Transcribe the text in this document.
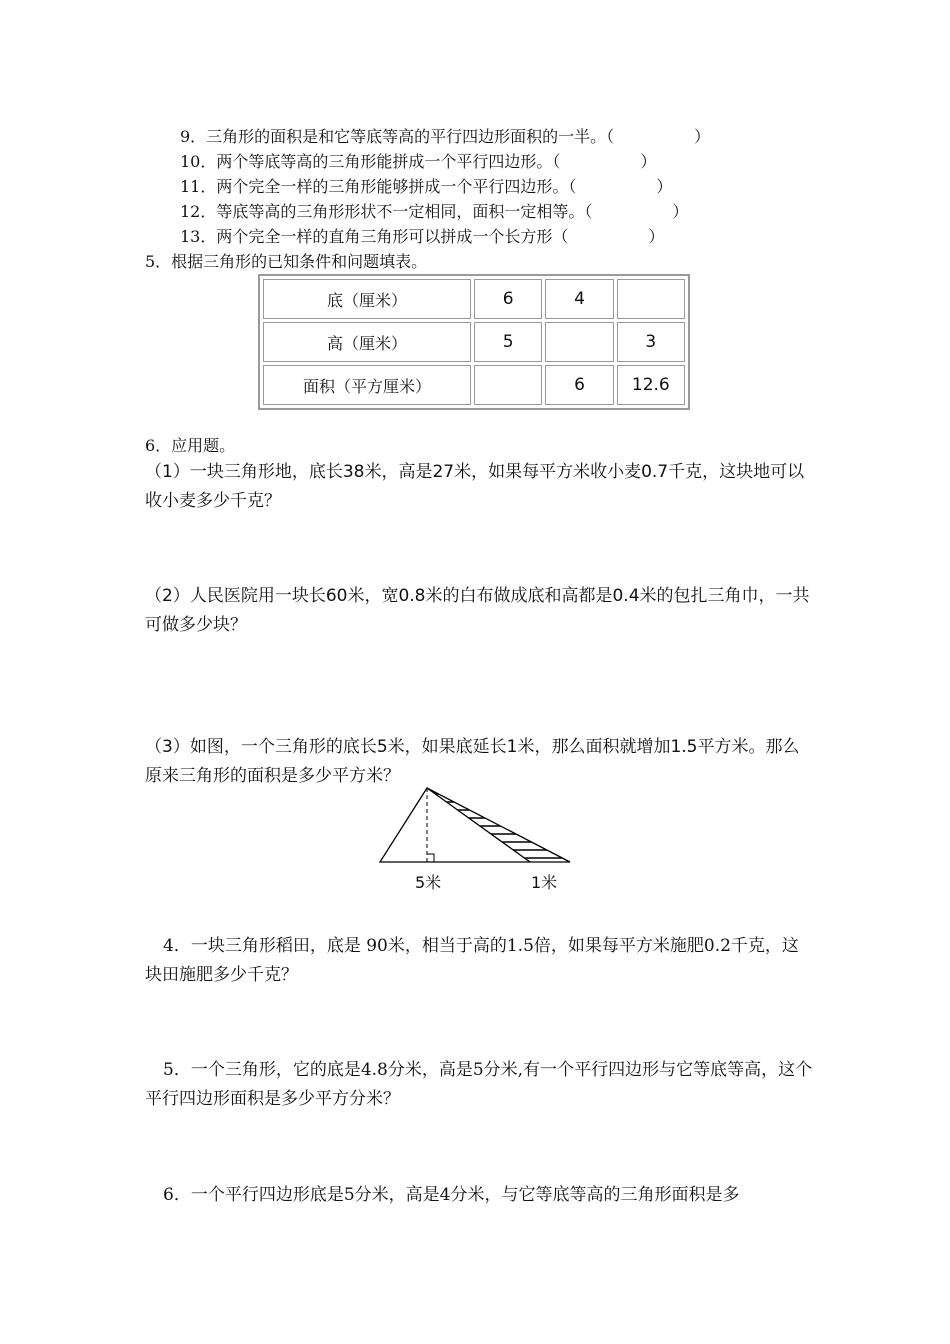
9．三角形的面积是和它等底等高的平行四边形面积的一半。（　　　　　）
10．两个等底等高的三角形能拼成一个平行四边形。（　　　　　）
11．两个完全一样的三角形能够拼成一个平行四边形。（　　　　　）
12．等底等高的三角形形状不一定相同，面积一定相等。（　　　　　）
13．两个完全一样的直角三角形可以拼成一个长方形（　　　　　）
5．根据三角形的已知条件和问题填表。
底（厘米）	6	4	
高（厘米）	5		3
面积（平方厘米）		6	12.6
6．应用题。
（1）一块三角形地，底长38米，高是27米，如果每平方米收小麦0.7千克，这块地可以收小麦多少千克？
（2）人民医院用一块长60米，宽0.8米的白布做成底和高都是0.4米的包扎三角巾，一共可做多少块？
（3）如图，一个三角形的底长5米，如果底延长1米，那么面积就增加1.5平方米。那么原来三角形的面积是多少平方米？
5米	1米
4．一块三角形稻田，底是 90米，相当于高的1.5倍，如果每平方米施肥0.2千克，这块田施肥多少千克？
5．一个三角形，它的底是4.8分米，高是5分米,有一个平行四边形与它等底等高，这个平行四边形面积是多少平方分米？
6．一个平行四边形底是5分米，高是4分米，与它等底等高的三角形面积是多
